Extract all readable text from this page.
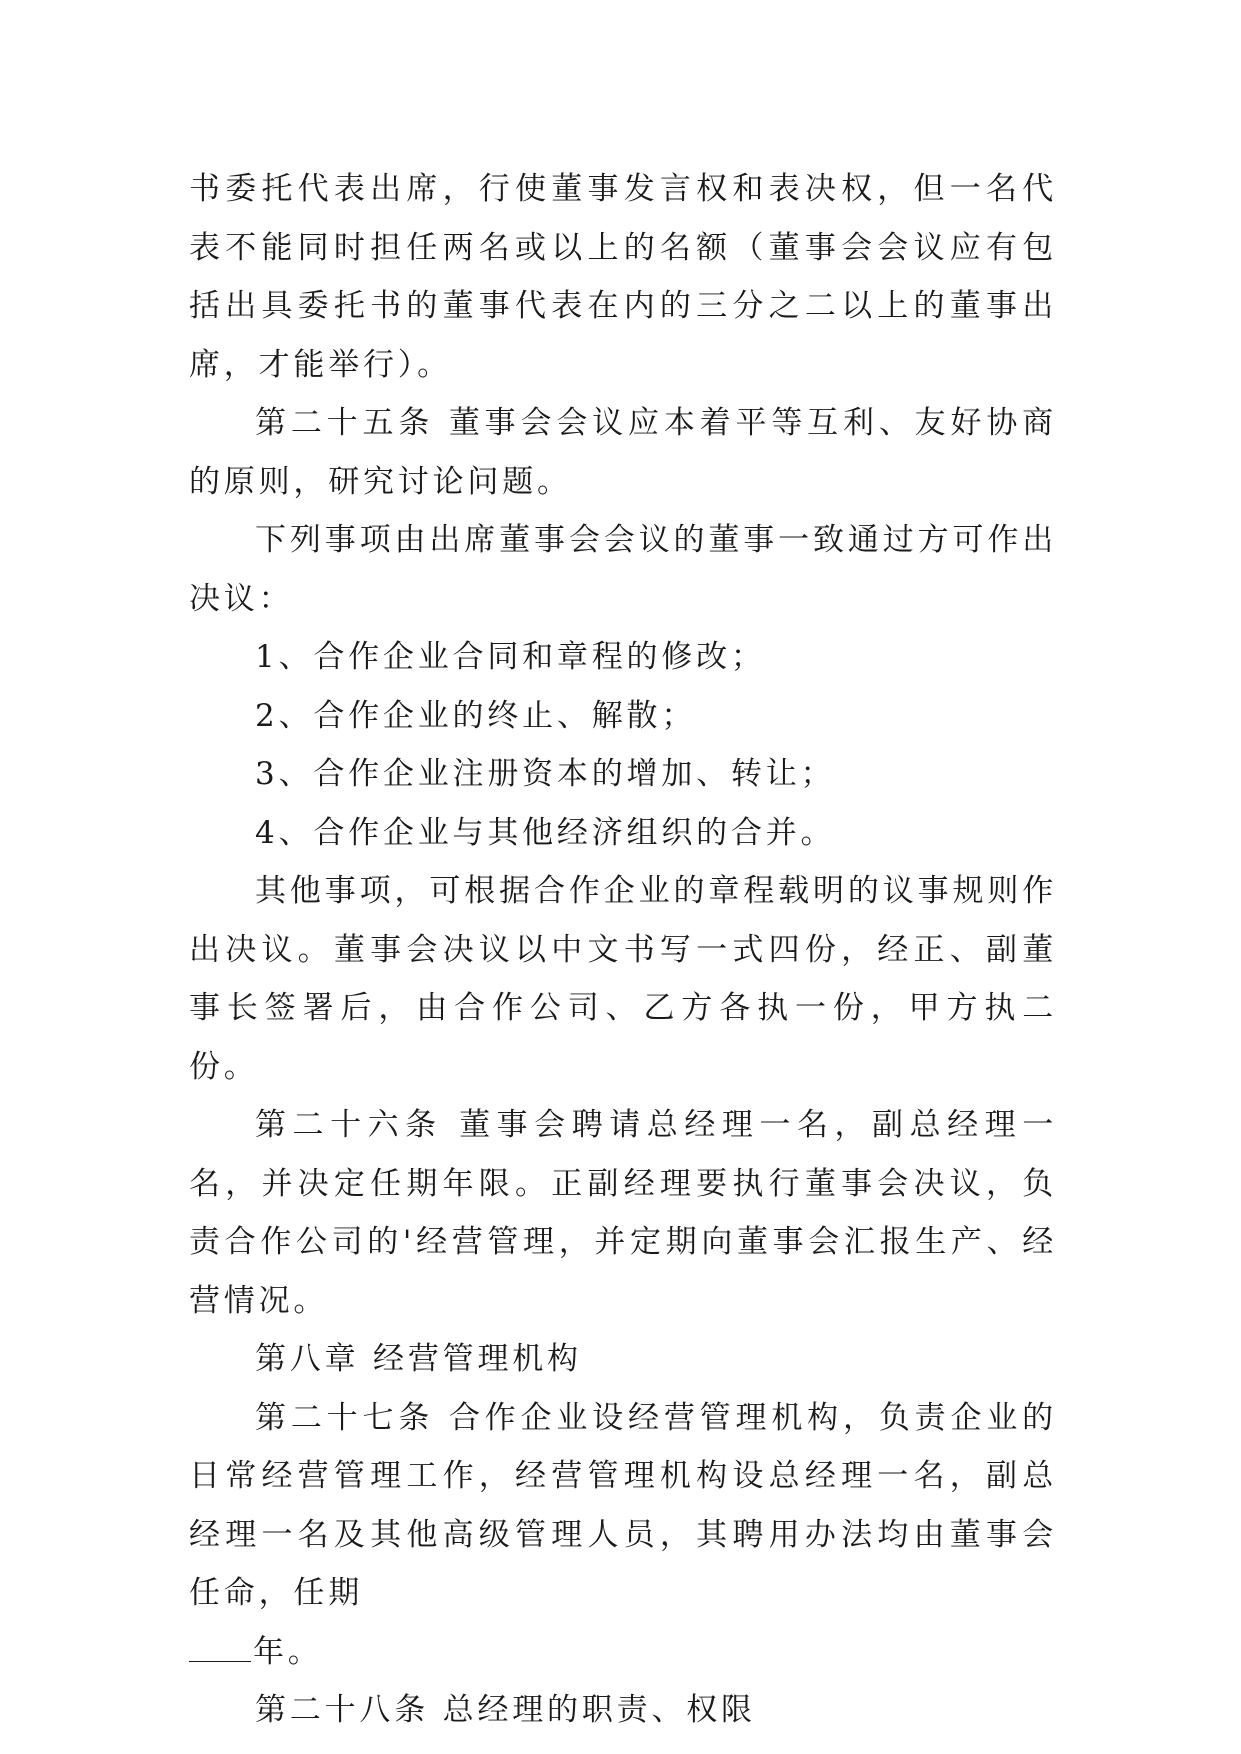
书委托代表出席，行使董事发言权和表决权，但一名代表不能同时担任两名或以上的名额（董事会会议应有包括出具委托书的董事代表在内的三分之二以上的董事出席，才能举行）。

第二十五条 董事会会议应本着平等互利、友好协商的原则，研究讨论问题。

下列事项由出席董事会会议的董事一致通过方可作出决议：

1、合作企业合同和章程的修改；

2、合作企业的终止、解散；

3、合作企业注册资本的增加、转让；

4、合作企业与其他经济组织的合并。

其他事项，可根据合作企业的章程载明的议事规则作出决议。董事会决议以中文书写一式四份，经正、副董事长签署后，由合作公司、乙方各执一份，甲方执二份。

第二十六条 董事会聘请总经理一名，副总经理一名，并决定任期年限。正副经理要执行董事会决议，负责合作公司的'经营管理，并定期向董事会汇报生产、经营情况。

第八章 经营管理机构

第二十七条 合作企业设经营管理机构，负责企业的日常经营管理工作，经营管理机构设总经理一名，副总经理一名及其他高级管理人员，其聘用办法均由董事会任命，任期

年。

第二十八条 总经理的职责、权限
